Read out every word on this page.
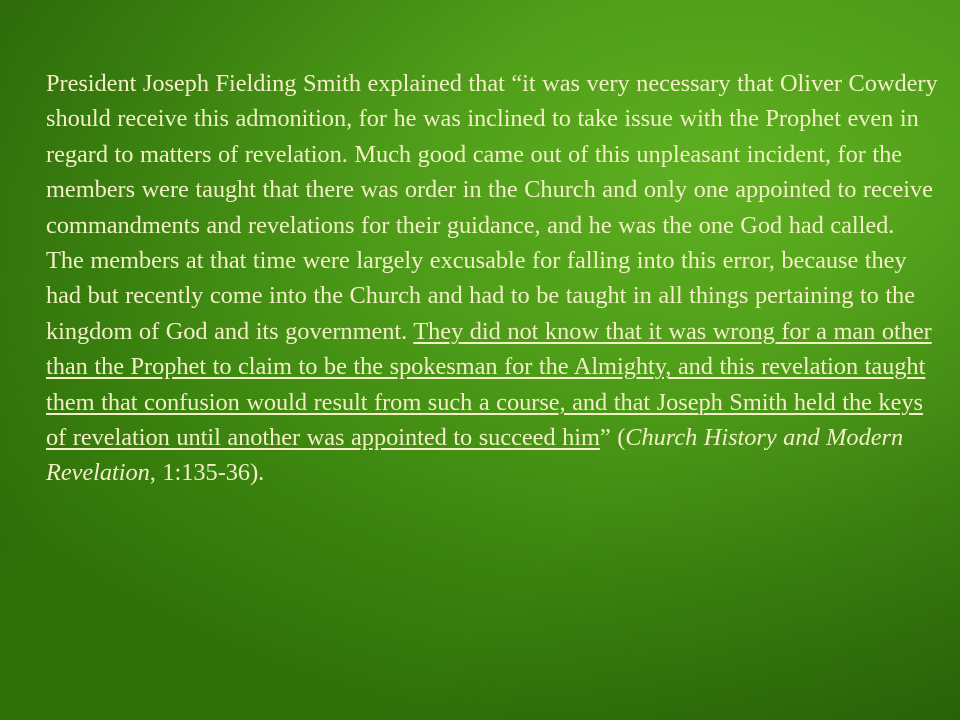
President Joseph Fielding Smith explained that “it was very necessary that Oliver Cowdery should receive this admonition, for he was inclined to take issue with the Prophet even in regard to matters of revelation. Much good came out of this unpleasant incident, for the members were taught that there was order in the Church and only one appointed to receive commandments and revelations for their guidance, and he was the one God had called. The members at that time were largely excusable for falling into this error, because they had but recently come into the Church and had to be taught in all things pertaining to the kingdom of God and its government. They did not know that it was wrong for a man other than the Prophet to claim to be the spokesman for the Almighty, and this revelation taught them that confusion would result from such a course, and that Joseph Smith held the keys of revelation until another was appointed to succeed him” (Church History and Modern Revelation, 1:135-36).
